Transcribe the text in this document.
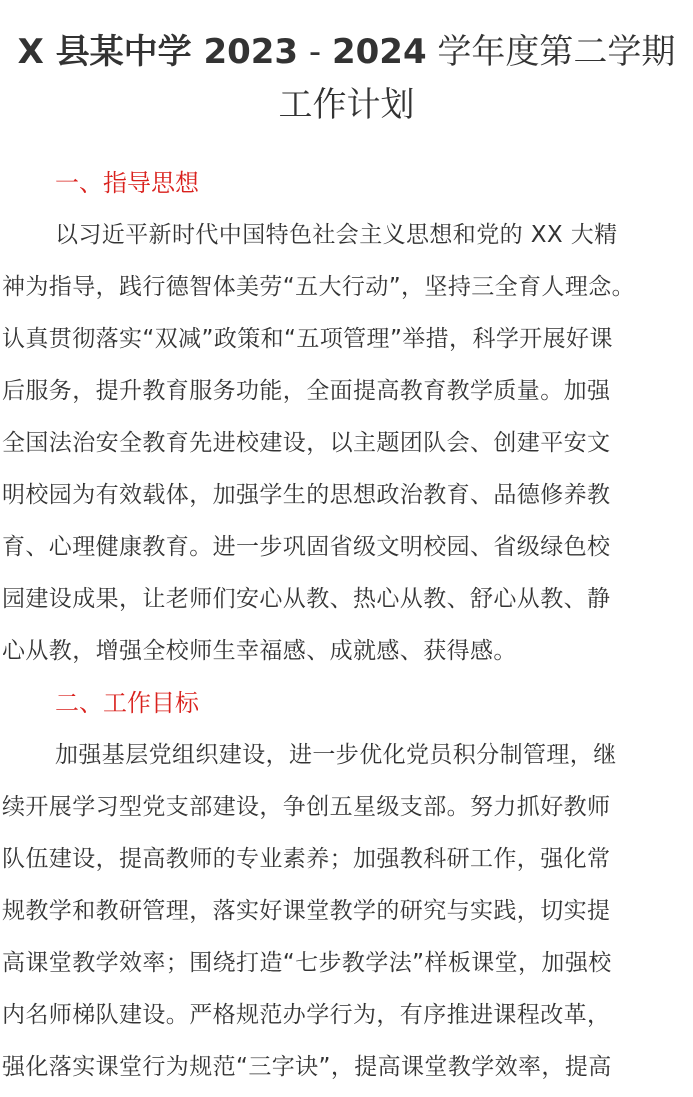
X 县某中学 2023 - 2024 学年度第二学期
工作计划
一、指导思想
以习近平新时代中国特色社会主义思想和党的 XX 大精
神为指导，践行德智体美劳“五大行动”，坚持三全育人理念。
认真贯彻落实“双减”政策和“五项管理”举措，科学开展好课
后服务，提升教育服务功能，全面提高教育教学质量。加强
全国法治安全教育先进校建设，以主题团队会、创建平安文
明校园为有效载体，加强学生的思想政治教育、品德修养教
育、心理健康教育。进一步巩固省级文明校园、省级绿色校
园建设成果，让老师们安心从教、热心从教、舒心从教、静
心从教，增强全校师生幸福感、成就感、获得感。
二、工作目标
加强基层党组织建设，进一步优化党员积分制管理，继
续开展学习型党支部建设，争创五星级支部。努力抓好教师
队伍建设，提高教师的专业素养；加强教科研工作，强化常
规教学和教研管理，落实好课堂教学的研究与实践，切实提
高课堂教学效率；围绕打造“七步教学法”样板课堂，加强校
内名师梯队建设。严格规范办学行为，有序推进课程改革，
强化落实课堂行为规范“三字诀”，提高课堂教学效率，提高
